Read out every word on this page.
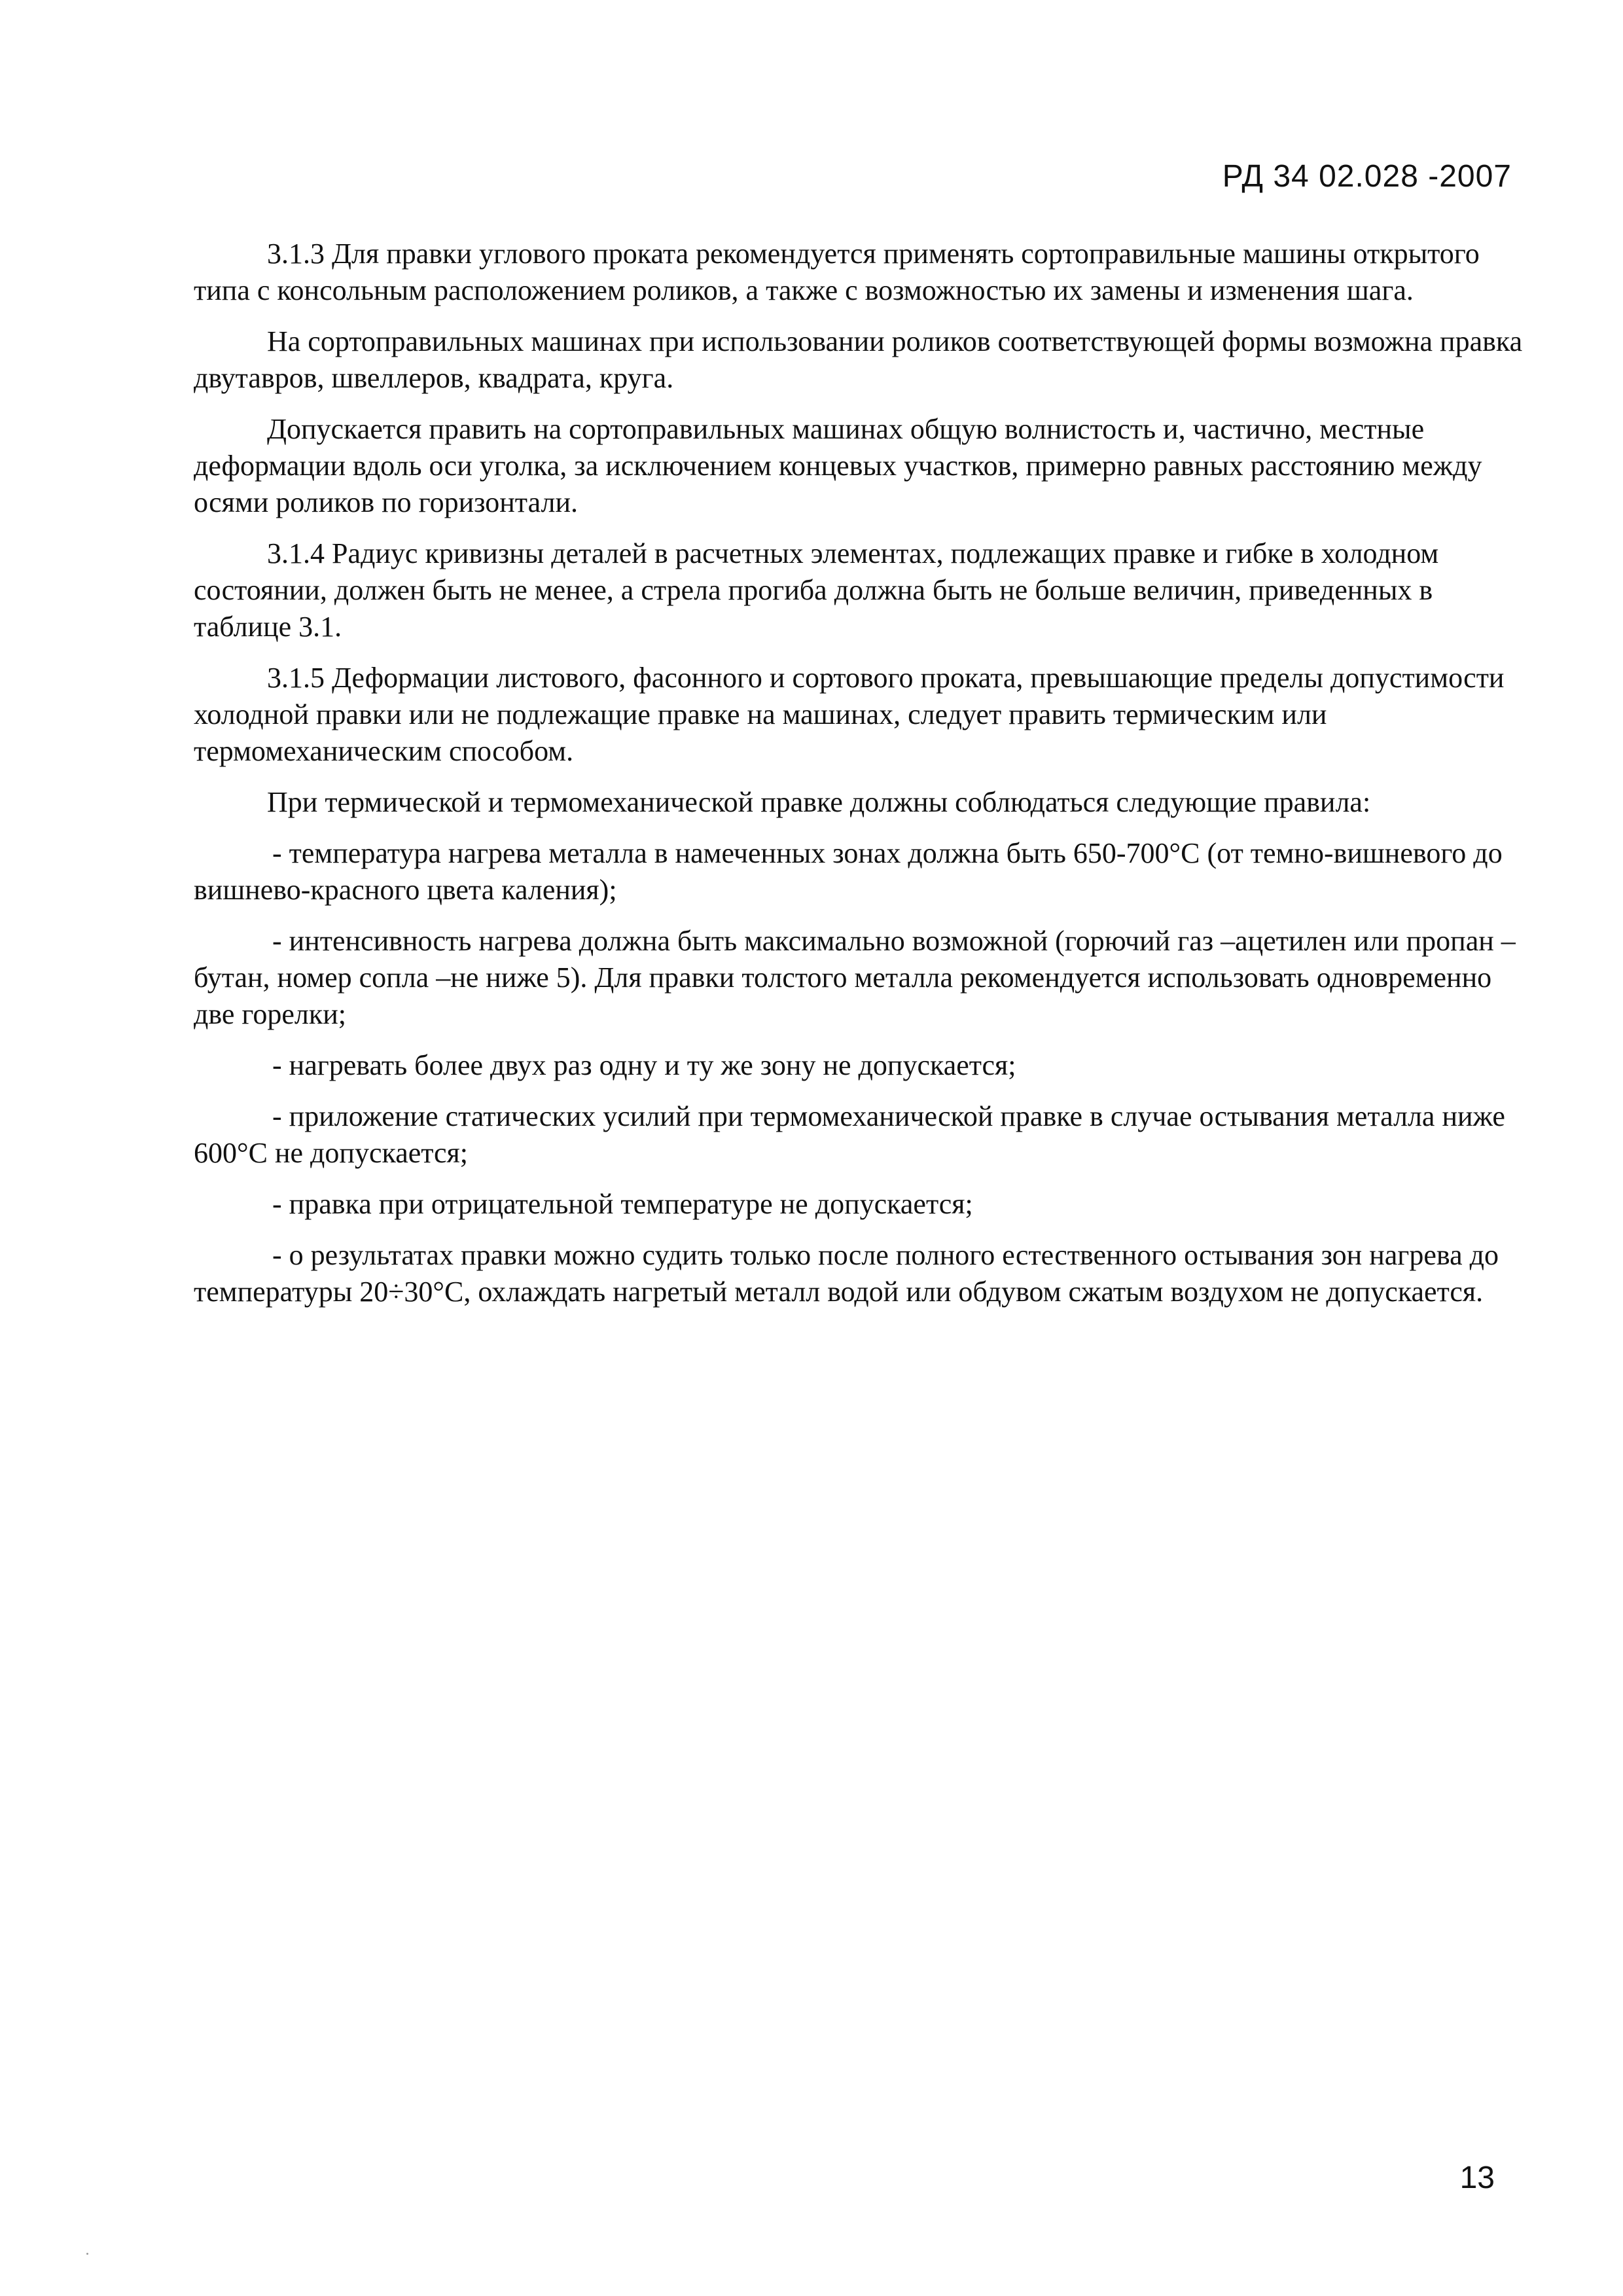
РД 34 02.028 -2007

3.1.3 Для правки углового проката рекомендуется применять сортоправильные машины открытого типа с консольным расположением роликов, а также с возможностью их замены и изменения шага.

На сортоправильных машинах при использовании роликов соответствующей формы возможна правка двутавров, швеллеров, квадрата, круга.

Допускается править на сортоправильных машинах общую волнистость и, частично, местные деформации вдоль оси уголка, за исключением концевых участков, примерно равных расстоянию между осями роликов по горизонтали.

3.1.4 Радиус кривизны деталей в расчетных элементах, подлежащих правке и гибке в холодном состоянии, должен быть не менее, а стрела прогиба должна быть не больше величин, приведенных в таблице 3.1.

3.1.5 Деформации листового, фасонного и сортового проката, превышающие пределы допустимости холодной правки или не подлежащие правке на машинах, следует править термическим или термомеханическим способом.

При термической и термомеханической правке должны соблюдаться следующие правила:

- температура нагрева металла в намеченных зонах должна быть 650-700°С (от темно-вишневого до вишнево-красного цвета каления);

- интенсивность нагрева должна быть максимально возможной (горючий газ –ацетилен или пропан –бутан, номер сопла –не ниже 5). Для правки толстого металла рекомендуется использовать одновременно две горелки;

- нагревать более двух раз одну и ту же зону не допускается;

- приложение статических усилий при термомеханической правке в случае остывания металла ниже 600°С не допускается;

- правка при отрицательной температуре не допускается;

- о результатах правки можно судить только после полного естественного остывания зон нагрева до температуры 20÷30°С, охлаждать нагретый металл водой или обдувом сжатым воздухом не допускается.

13
